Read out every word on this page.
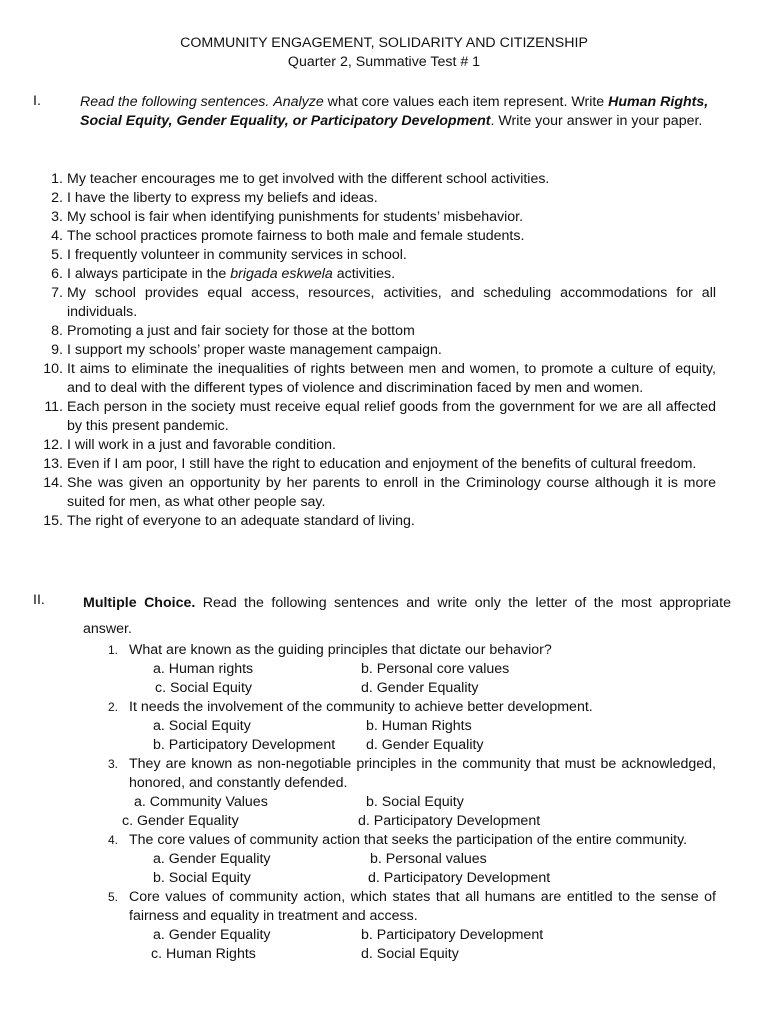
COMMUNITY ENGAGEMENT, SOLIDARITY AND CITIZENSHIP
Quarter 2, Summative Test # 1
I.	Read the following sentences. Analyze what core values each item represent. Write Human Rights, Social Equity, Gender Equality, or Participatory Development. Write your answer in your paper.
1. My teacher encourages me to get involved with the different school activities.
2. I have the liberty to express my beliefs and ideas.
3. My school is fair when identifying punishments for students’ misbehavior.
4. The school practices promote fairness to both male and female students.
5. I frequently volunteer in community services in school.
6. I always participate in the brigada eskwela activities.
7. My school provides equal access, resources, activities, and scheduling accommodations for all individuals.
8. Promoting a just and fair society for those at the bottom
9. I support my schools’ proper waste management campaign.
10. It aims to eliminate the inequalities of rights between men and women, to promote a culture of equity, and to deal with the different types of violence and discrimination faced by men and women.
11. Each person in the society must receive equal relief goods from the government for we are all affected by this present pandemic.
12. I will work in a just and favorable condition.
13. Even if I am poor, I still have the right to education and enjoyment of the benefits of cultural freedom.
14. She was given an opportunity by her parents to enroll in the Criminology course although it is more suited for men, as what other people say.
15. The right of everyone to an adequate standard of living.
II.	Multiple Choice. Read the following sentences and write only the letter of the most appropriate answer.
1. What are known as the guiding principles that dictate our behavior?
a. Human rights	b. Personal core values
c. Social Equity	d. Gender Equality
2. It needs the involvement of the community to achieve better development.
a. Social Equity	b. Human Rights
b. Participatory Development d. Gender Equality
3. They are known as non-negotiable principles in the community that must be acknowledged, honored, and constantly defended.
a. Community Values	b. Social Equity
c. Gender Equality	d. Participatory Development
4. The core values of community action that seeks the participation of the entire community.
a. Gender Equality	b. Personal values
b. Social Equity	d. Participatory Development
5. Core values of community action, which states that all humans are entitled to the sense of fairness and equality in treatment and access.
a. Gender Equality	b. Participatory Development
c. Human Rights	d. Social Equity
